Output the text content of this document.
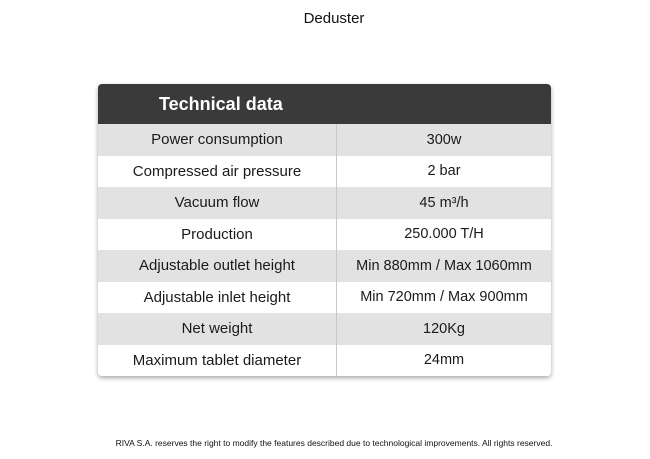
Deduster
Technical data
Power consumption	300w
Compressed air pressure	2 bar
Vacuum flow	45 m³/h
Production	250.000 T/H
Adjustable outlet height	Min 880mm / Max 1060mm
Adjustable inlet height	Min 720mm / Max 900mm
Net weight	120Kg
Maximum tablet diameter	24mm
RIVA S.A. reserves the right to modify the features described due to technological improvements. All rights reserved.
